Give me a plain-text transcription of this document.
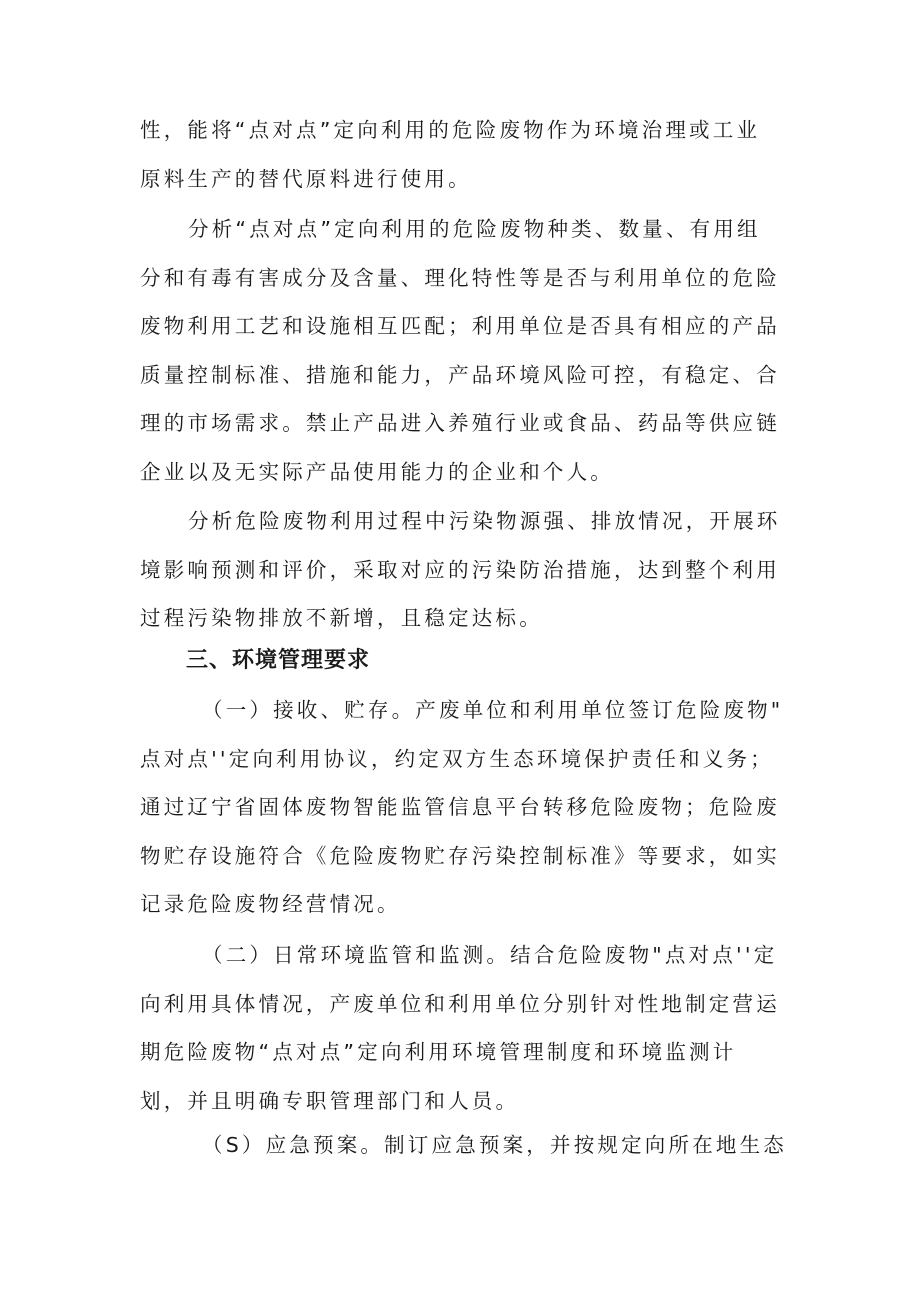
性，能将“点对点”定向利用的危险废物作为环境治理或工业
原料生产的替代原料进行使用。

分析“点对点”定向利用的危险废物种类、数量、有用组
分和有毒有害成分及含量、理化特性等是否与利用单位的危险
废物利用工艺和设施相互匹配；利用单位是否具有相应的产品
质量控制标准、措施和能力，产品环境风险可控，有稳定、合
理的市场需求。禁止产品进入养殖行业或食品、药品等供应链
企业以及无实际产品使用能力的企业和个人。

分析危险废物利用过程中污染物源强、排放情况，开展环
境影响预测和评价，采取对应的污染防治措施，达到整个利用
过程污染物排放不新增，且稳定达标。

三、环境管理要求

（一）接收、贮存。产废单位和利用单位签订危险废物"
点对点''定向利用协议，约定双方生态环境保护责任和义务；
通过辽宁省固体废物智能监管信息平台转移危险废物；危险废
物贮存设施符合《危险废物贮存污染控制标准》等要求，如实
记录危险废物经营情况。

（二）日常环境监管和监测。结合危险废物"点对点''定
向利用具体情况，产废单位和利用单位分别针对性地制定营运
期危险废物“点对点”定向利用环境管理制度和环境监测计
划，并且明确专职管理部门和人员。

（S）应急预案。制订应急预案，并按规定向所在地生态
